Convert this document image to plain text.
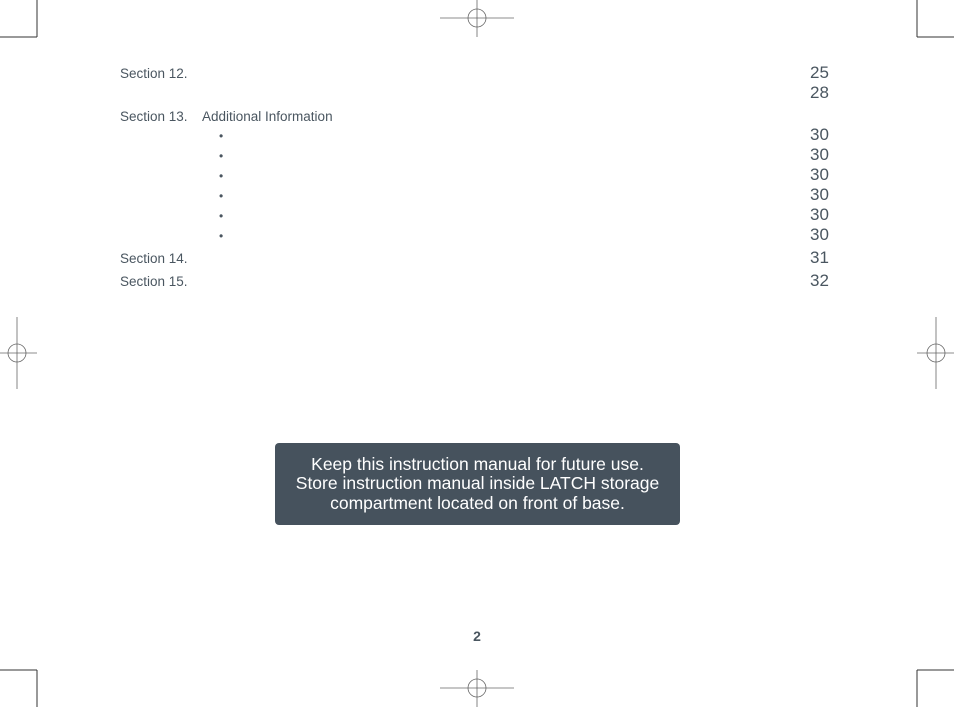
Section 12.	25
28
Section 13. Additional Information
•	30
•	30
•	30
•	30
•	30
•	30
Section 14.	31
Section 15.	32
Keep this instruction manual for future use.
Store instruction manual inside LATCH storage
compartment located on front of base.
2
